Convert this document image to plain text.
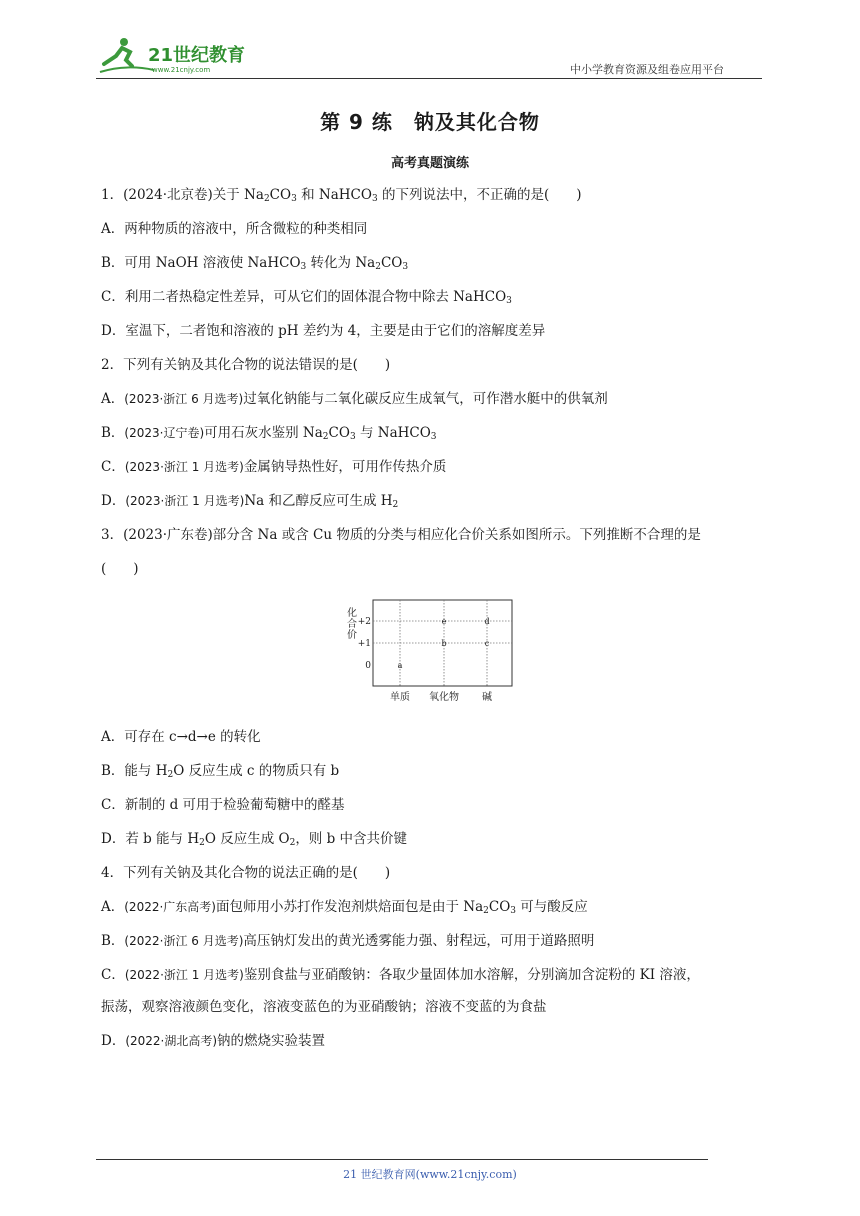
21世纪教育
www.21cnjy.com	中小学教育资源及组卷应用平台
第 9 练　钠及其化合物
高考真题演练
1．(2024·北京卷)关于 $Na_2CO_3$ 和 NaHCO$_3$ 的下列说法中，不正确的是(　　)
A．两种物质的溶液中，所含微粒的种类相同
B．可用 NaOH 溶液使 NaHCO$_3$ 转化为 $Na_2CO_3$
C．利用二者热稳定性差异，可从它们的固体混合物中除去 NaHCO$_3$
D．室温下，二者饱和溶液的 pH 差约为 4，主要是由于它们的溶解度差异
2．下列有关钠及其化合物的说法错误的是(　　)
A．(2023·浙江 6 月选考)过氧化钠能与二氧化碳反应生成氧气，可作潜水艇中的供氧剂
B．(2023·辽宁卷)可用石灰水鉴别 $Na_2CO_3$ 与 NaHCO$_3$
C．(2023·浙江 1 月选考)金属钠导热性好，可用作传热介质
D．(2023·浙江 1 月选考)Na 和乙醇反应可生成 $H_2$
3．(2023·广东卷)部分含 Na 或含 Cu 物质的分类与相应化合价关系如图所示。下列推断不合理的是
(　　)
+2
+1
0
单质 氧化物 碱
a
b	c
e	d
化
合
价
A．可存在 c→d→e 的转化
B．能与 $H_2O$ 反应生成 c 的物质只有 b
C．新制的 d 可用于检验葡萄糖中的醛基
D．若 b 能与 $H_2O$ 反应生成 $O_2$，则 b 中含共价键
4．下列有关钠及其化合物的说法正确的是(　　)
A．(2022·广东高考)面包师用小苏打作发泡剂烘焙面包是由于 $Na_2CO_3$ 可与酸反应
B．(2022·浙江 6 月选考)高压钠灯发出的黄光透雾能力强、射程远，可用于道路照明
C．(2022·浙江 1 月选考)鉴别食盐与亚硝酸钠：各取少量固体加水溶解，分别滴加含淀粉的 KI 溶液，
振荡，观察溶液颜色变化，溶液变蓝色的为亚硝酸钠；溶液不变蓝的为食盐
D．(2022·湖北高考)钠的燃烧实验装置
21 世纪教育网(www.21cnjy.com)
